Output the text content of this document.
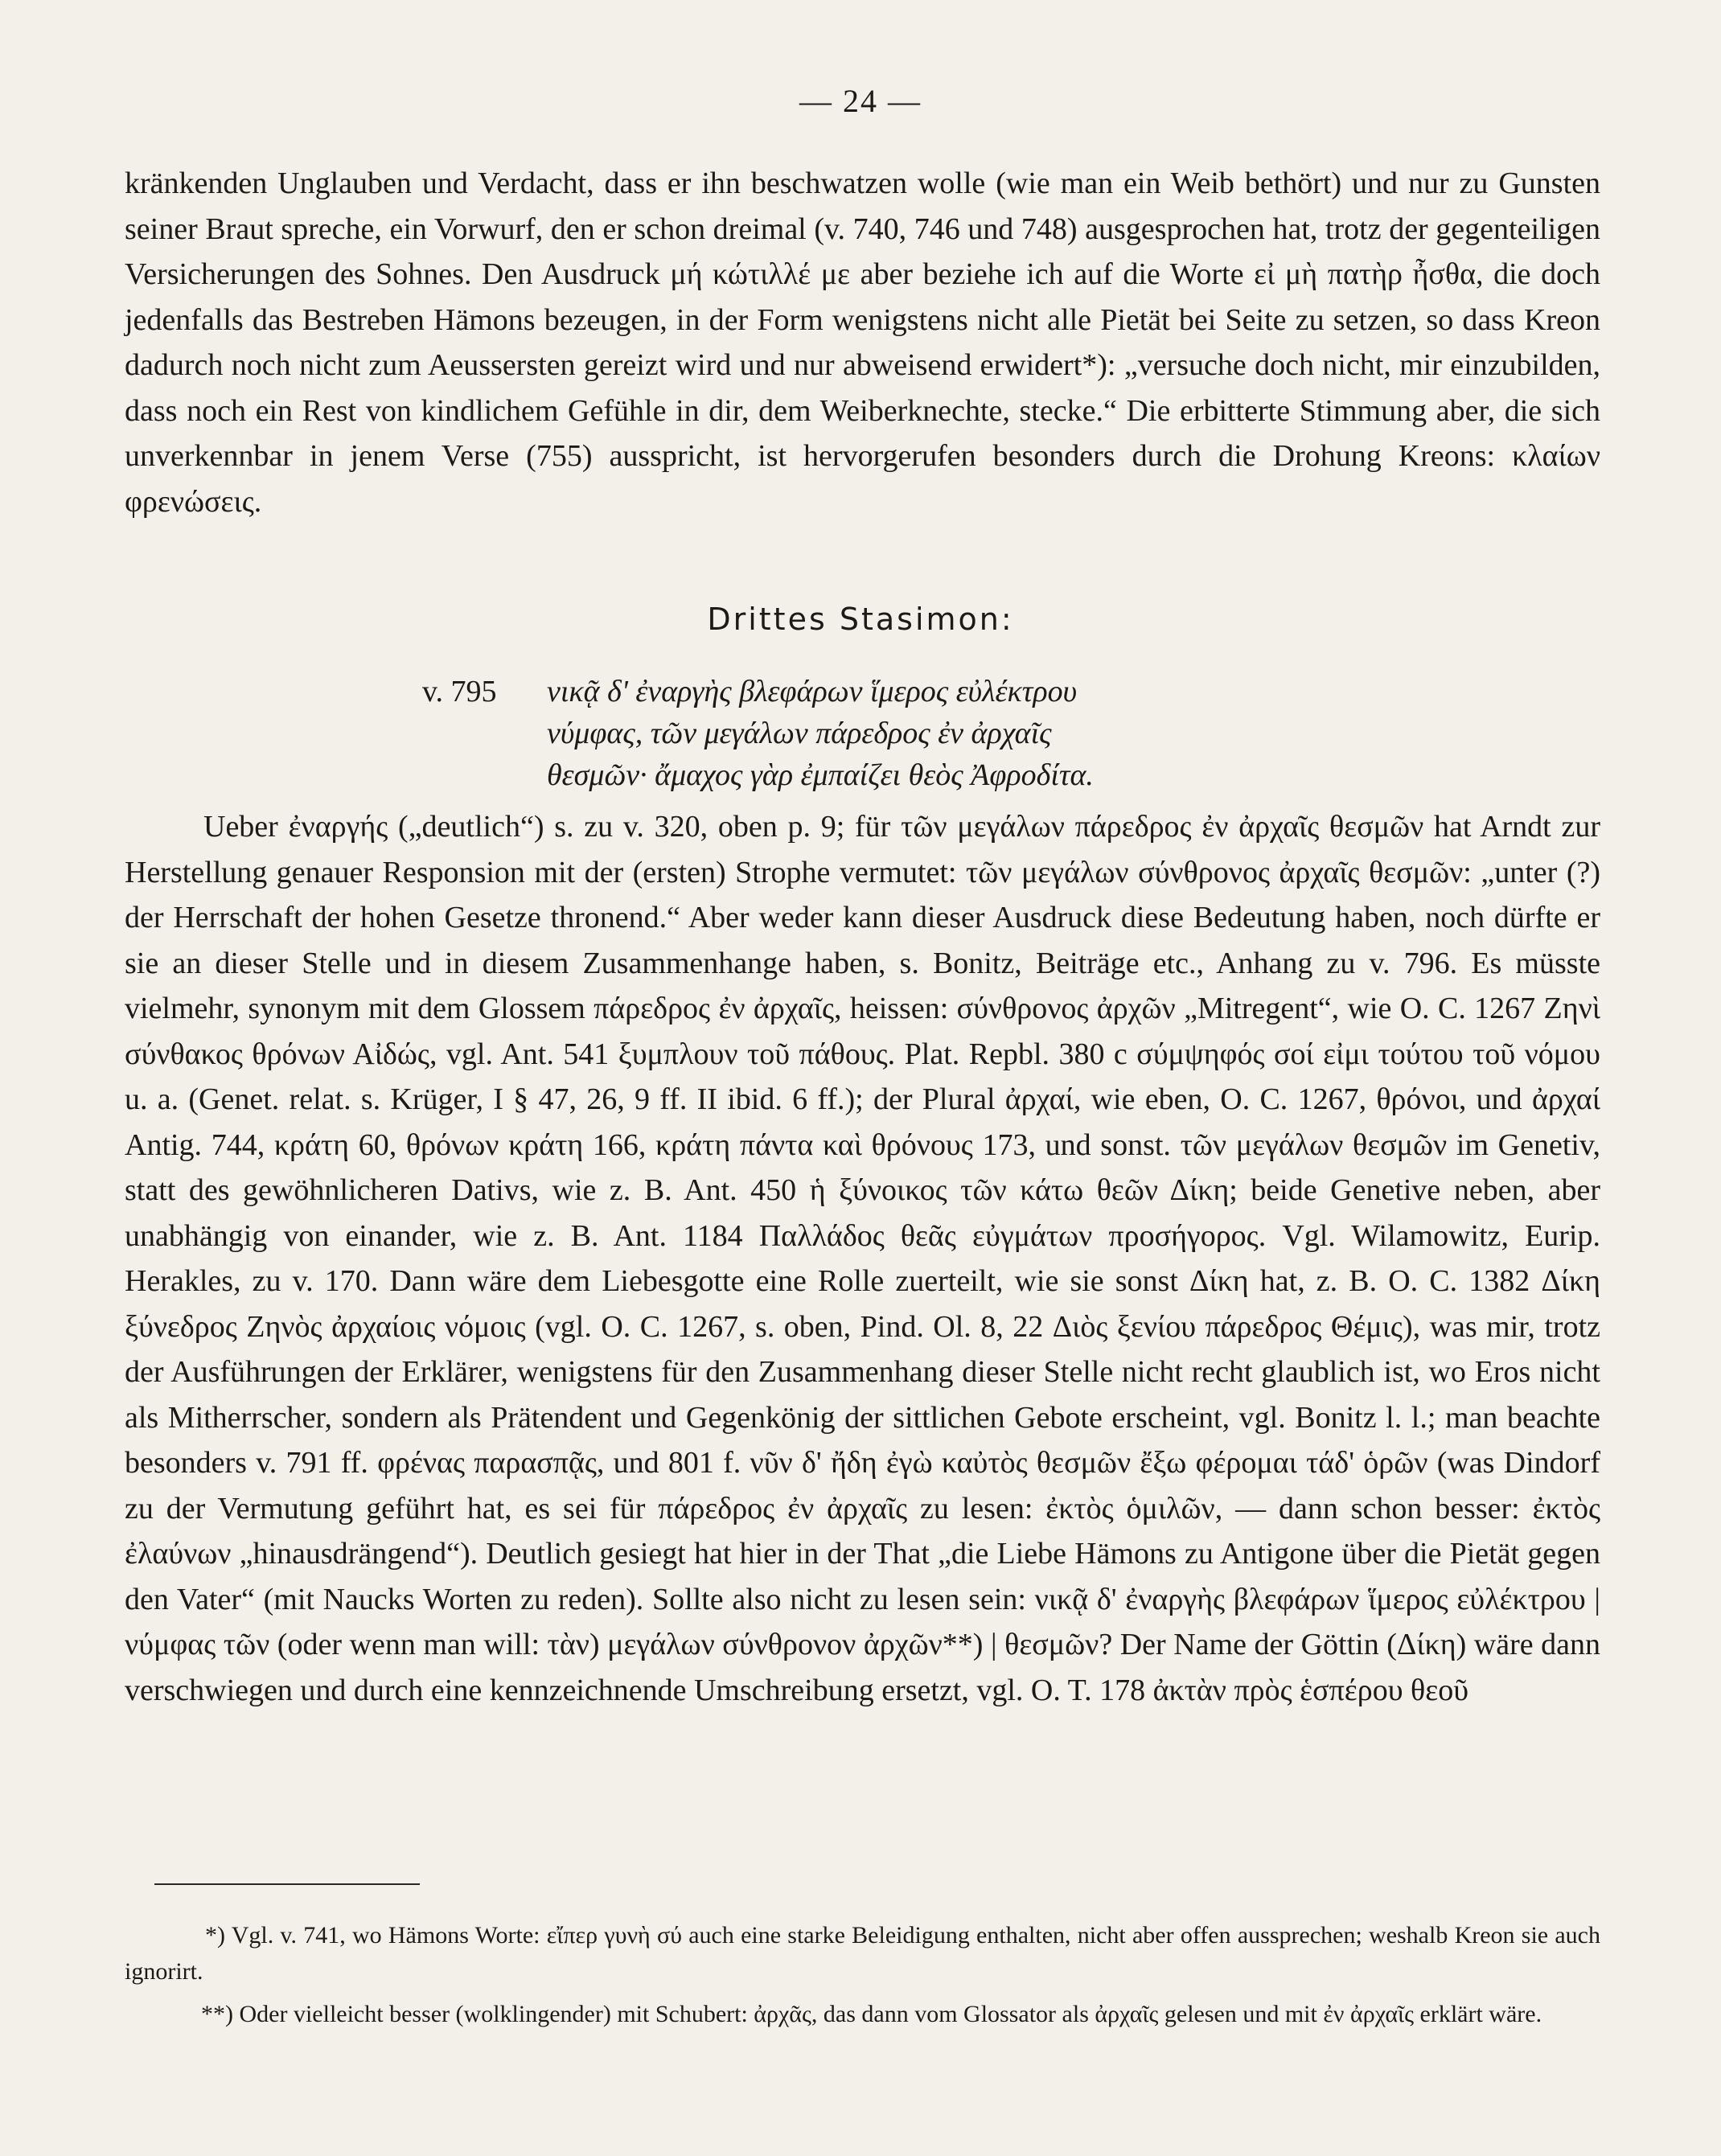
— 24 —

kränkenden Unglauben und Verdacht, dass er ihn beschwatzen wolle (wie man ein Weib bethört) und nur zu Gunsten seiner Braut spreche, ein Vorwurf, den er schon dreimal (v. 740, 746 und 748) ausgesprochen hat, trotz der gegenteiligen Versicherungen des Sohnes. Den Ausdruck μή κώτιλλέ με aber beziehe ich auf die Worte εἰ μὴ πατὴρ ἦσθα, die doch jedenfalls das Bestreben Hämons bezeugen, in der Form wenigstens nicht alle Pietät bei Seite zu setzen, so dass Kreon dadurch noch nicht zum Aeussersten gereizt wird und nur abweisend erwidert*): „versuche doch nicht, mir einzubilden, dass noch ein Rest von kindlichem Gefühle in dir, dem Weiberknechte, stecke.“ Die erbitterte Stimmung aber, die sich unverkennbar in jenem Verse (755) ausspricht, ist hervorgerufen besonders durch die Drohung Kreons: κλαίων φρενώσεις.

Drittes Stasimon:
v. 795	νικᾷ δ' ἐναργὴς βλεφάρων ἵμερος εὐλέκτρου
νύμφας, τῶν μεγάλων πάρεδρος ἐν ἀρχαῖς
θεσμῶν· ἄμαχος γὰρ ἐμπαίζει θεὸς Ἀφροδίτα.

Ueber ἐναργής („deutlich“) s. zu v. 320, oben p. 9; für τῶν μεγάλων πάρεδρος ἐν ἀρχαῖς θεσμῶν hat Arndt zur Herstellung genauer Responsion mit der (ersten) Strophe vermutet: τῶν μεγάλων σύνθρονος ἀρχαῖς θεσμῶν: „unter (?) der Herrschaft der hohen Gesetze thronend.“ Aber weder kann dieser Ausdruck diese Bedeutung haben, noch dürfte er sie an dieser Stelle und in diesem Zusammenhange haben, s. Bonitz, Beiträge etc., Anhang zu v. 796. Es müsste vielmehr, synonym mit dem Glossem πάρεδρος ἐν ἀρχαῖς, heissen: σύνθρονος ἀρχῶν „Mitregent“, wie O. C. 1267 Ζηνὶ σύνθακος θρόνων Αἰδώς, vgl. Ant. 541 ξυμπλουν τοῦ πάθους. Plat. Repbl. 380 c σύμψηφός σοί εἰμι τούτου τοῦ νόμου u. a. (Genet. relat. s. Krüger, I § 47, 26, 9 ff. II ibid. 6 ff.); der Plural ἀρχαί, wie eben, O. C. 1267, θρόνοι, und ἀρχαί Antig. 744, κράτη 60, θρόνων κράτη 166, κράτη πάντα καὶ θρόνους 173, und sonst. τῶν μεγάλων θεσμῶν im Genetiv, statt des gewöhnlicheren Dativs, wie z. B. Ant. 450 ἡ ξύνοικος τῶν κάτω θεῶν Δίκη; beide Genetive neben, aber unabhängig von einander, wie z. B. Ant. 1184 Παλλάδος θεᾶς εὐγμάτων προσήγορος. Vgl. Wilamowitz, Eurip. Herakles, zu v. 170. Dann wäre dem Liebesgotte eine Rolle zuerteilt, wie sie sonst Δίκη hat, z. B. O. C. 1382 Δίκη ξύνεδρος Ζηνὸς ἀρχαίοις νόμοις (vgl. O. C. 1267, s. oben, Pind. Ol. 8, 22 Διὸς ξενίου πάρεδρος Θέμις), was mir, trotz der Ausführungen der Erklärer, wenigstens für den Zusammenhang dieser Stelle nicht recht glaublich ist, wo Eros nicht als Mitherrscher, sondern als Prätendent und Gegenkönig der sittlichen Gebote erscheint, vgl. Bonitz l. l.; man beachte besonders v. 791 ff. φρένας παρασπᾷς, und 801 f. νῦν δ' ἤδη ἐγὼ καὐτὸς θεσμῶν ἔξω φέρομαι τάδ' ὁρῶν (was Dindorf zu der Vermutung geführt hat, es sei für πάρεδρος ἐν ἀρχαῖς zu lesen: ἐκτὸς ὁμιλῶν, — dann schon besser: ἐκτὸς ἐλαύνων „hinausdrängend“). Deutlich gesiegt hat hier in der That „die Liebe Hämons zu Antigone über die Pietät gegen den Vater“ (mit Naucks Worten zu reden). Sollte also nicht zu lesen sein: νικᾷ δ' ἐναργὴς βλεφάρων ἵμερος εὐλέκτρου | νύμφας τῶν (oder wenn man will: τὰν) μεγάλων σύνθρονον ἀρχῶν**) | θεσμῶν? Der Name der Göttin (Δίκη) wäre dann verschwiegen und durch eine kennzeichnende Umschreibung ersetzt, vgl. O. T. 178 ἀκτὰν πρὸς ἑσπέρου θεοῦ

*) Vgl. v. 741, wo Hämons Worte: εἴπερ γυνὴ σύ auch eine starke Beleidigung enthalten, nicht aber offen aussprechen; weshalb Kreon sie auch ignorirt.

**) Oder vielleicht besser (wolklingender) mit Schubert: ἀρχᾶς, das dann vom Glossator als ἀρχαῖς gelesen und mit ἐν ἀρχαῖς erklärt wäre.
